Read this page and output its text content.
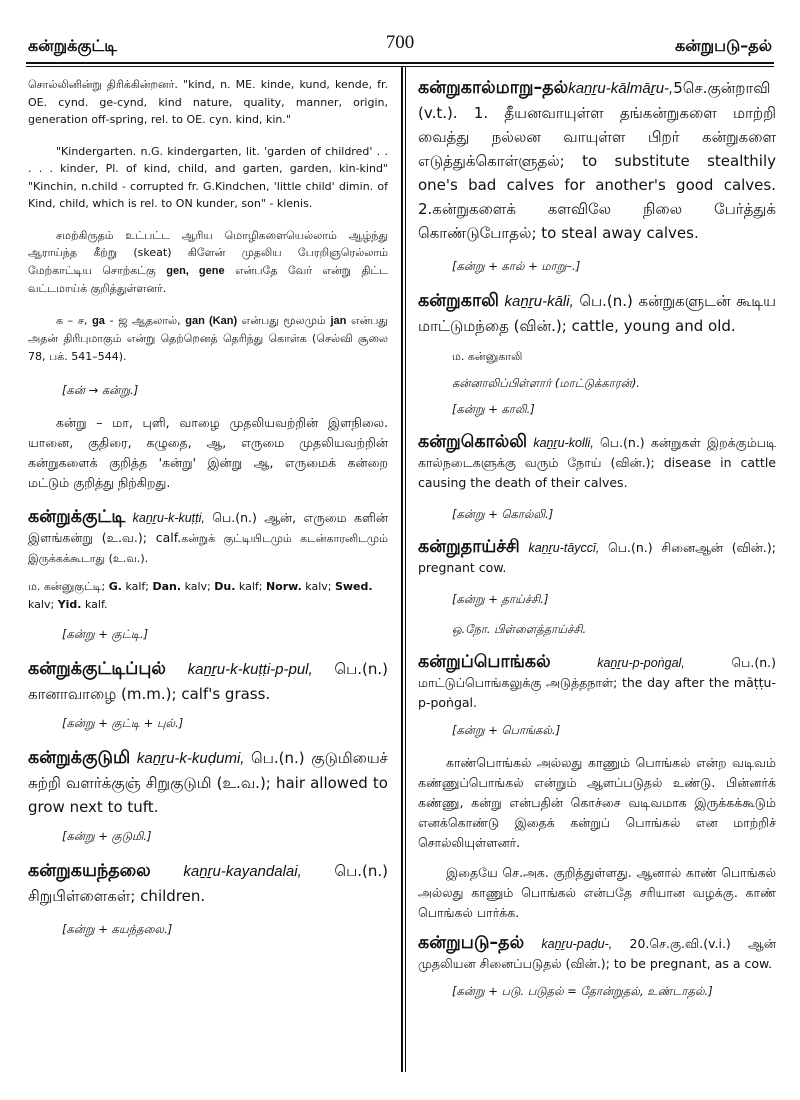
கன்றுக்குட்டி	700	கன்றுபடு–தல்

சொல்லினின்று திரிக்கின்றனர். "kind, n. ME. kinde, kund, kende, fr. OE. cynd. ge-cynd, kind nature, quality, manner, origin, generation off-spring, rel. to OE. cyn. kind, kin."

"Kindergarten. n.G. kindergarten, lit. 'garden of childred' . . . . . kinder, Pl. of kind, child, and garten, garden, kin-kind" "Kinchin, n.child - corrupted fr. G.Kindchen, 'little child' dimin. of Kind, child, which is rel. to ON kunder, son" - klenis.

சமற்கிருதம் உட்பட்ட ஆரிய மொழிகளையெல்லாம் ஆழ்ந்து ஆராய்ந்த கீற்று (skeat) கிளேன் முதலிய பேரறிஞரெல்லாம் மேற்காட்டிய சொற்கட்கு gen, gene என்பதே வேர் என்று திட்ட வட்டமாய்க் குறித்துள்ளனர்.

க – ச, ga - ஜ ஆதலால், gan (Kan) என்பது மூலமும் jan என்பது அதன் திரிபுமாகும் என்று தெற்றெனத் தெரிந்து கொள்க (செல்வி சூலை 78, பக். 541–544).

[கன் → கன்று.]

கன்று – மா, புளி, வாழை முதலியவற்றின் இளநிலை. யானை, குதிரை, கழுதை, ஆ, எருமை முதலியவற்றின் கன்றுகளைக் குறித்த 'கன்று' இன்று ஆ, எருமைக் கன்றை மட்டும் குறித்து நிற்கிறது.

கன்றுக்குட்டி kaṉṟu-k-kuṭṭi, பெ.(n.) ஆன், எருமை களின் இளங்கன்று (உ.வ.); calf.கன்றுக் குட்டியிடமும் கடன்காரனிடமும் இருக்கக்கூடாது (உ.வ.).

ம. கன்னுகுட்டி; G. kalf; Dan. kalv; Du. kalf; Norw. kalv; Swed. kalv; Yid. kalf.

[கன்று + குட்டி.]

கன்றுக்குட்டிப்புல் kaṉṟu-k-kuṭṭi-p-pul, பெ.(n.) கானாவாழை (m.m.); calf's grass.

[கன்று + குட்டி + புல்.]

கன்றுக்குடுமி kaṉṟu-k-kuḍumi, பெ.(n.) குடுமியைச் சுற்றி வளர்க்குஞ் சிறுகுடுமி (உ.வ.); hair allowed to grow next to tuft.

[கன்று + குடுமி.]

கன்றுகயந்தலை kaṉṟu-kayandalai, பெ.(n.) சிறுபிள்ளைகள்; children.

[கன்று + கயந்தலை.]

கன்றுகால்மாறு–தல்kaṉṟu-kālmāṟu-,5செ.குன்றாவி (v.t.). 1. தீயனவாயுள்ள தங்கன்றுகளை மாற்றி வைத்து நல்லன வாயுள்ள பிறர் கன்றுகளை எடுத்துக்கொள்ளுதல்; to substitute stealthily one's bad calves for another's good calves. 2.கன்றுகளைக் களவிலே நிலை பேர்த்துக் கொண்டுபோதல்; to steal away calves.

[கன்று + கால் + மாறு–.]

கன்றுகாலி kaṉṟu-kāli, பெ.(n.) கன்றுகளுடன் கூடிய மாட்டுமந்தை (வின்.); cattle, young and old.

ம. கன்னுகாலி

கன்னாலிப்பிள்ளார் (மாட்டுக்காரன்).

[கன்று + காலி.]

கன்றுகொல்லி kaṉṟu-kolli, பெ.(n.) கன்றுகள் இறக்கும்படி கால்நடைகளுக்கு வரும் நோய் (வின்.); disease in cattle causing the death of their calves.

[கன்று + கொல்லி.]

கன்றுதாய்ச்சி kaṉṟu-tāyccī, பெ.(n.) சினைஆன் (வின்.); pregnant cow.

[கன்று + தாய்ச்சி.]

ஒ.நோ. பிள்ளைத்தாய்ச்சி.

கன்றுப்பொங்கல்	kaṉṟu-p-poṅgal, பெ.(n.) மாட்டுப்பொங்கலுக்கு அடுத்தநாள்; the day after the māṭṭu-p-poṅgal.

[கன்று + பொங்கல்.]

காண்பொங்கல் அல்லது காணும் பொங்கல் என்ற வடிவம் கண்ணுப்பொங்கல் என்றும் ஆளப்படுதல் உண்டு. பின்னர்க் கண்ணு, கன்று என்பதின் கொச்சை வடிவமாக இருக்கக்கூடும் எனக்கொண்டு இதைக் கன்றுப் பொங்கல் என மாற்றிச் சொல்லியுள்ளனர்.

இதையே செ.அக. குறித்துள்ளது. ஆனால் காண் பொங்கல் அல்லது காணும் பொங்கல் என்பதே சரியான வழக்கு. காண் பொங்கல் பார்க்க.

கன்றுபடு–தல் kaṉṟu-paḍu-, 20.செ.கு.வி.(v.i.) ஆன் முதலியன சினைப்படுதல் (வின்.); to be pregnant, as a cow.

[கன்று + படு. படுதல் = தோன்றுதல், உண்டாதல்.]
